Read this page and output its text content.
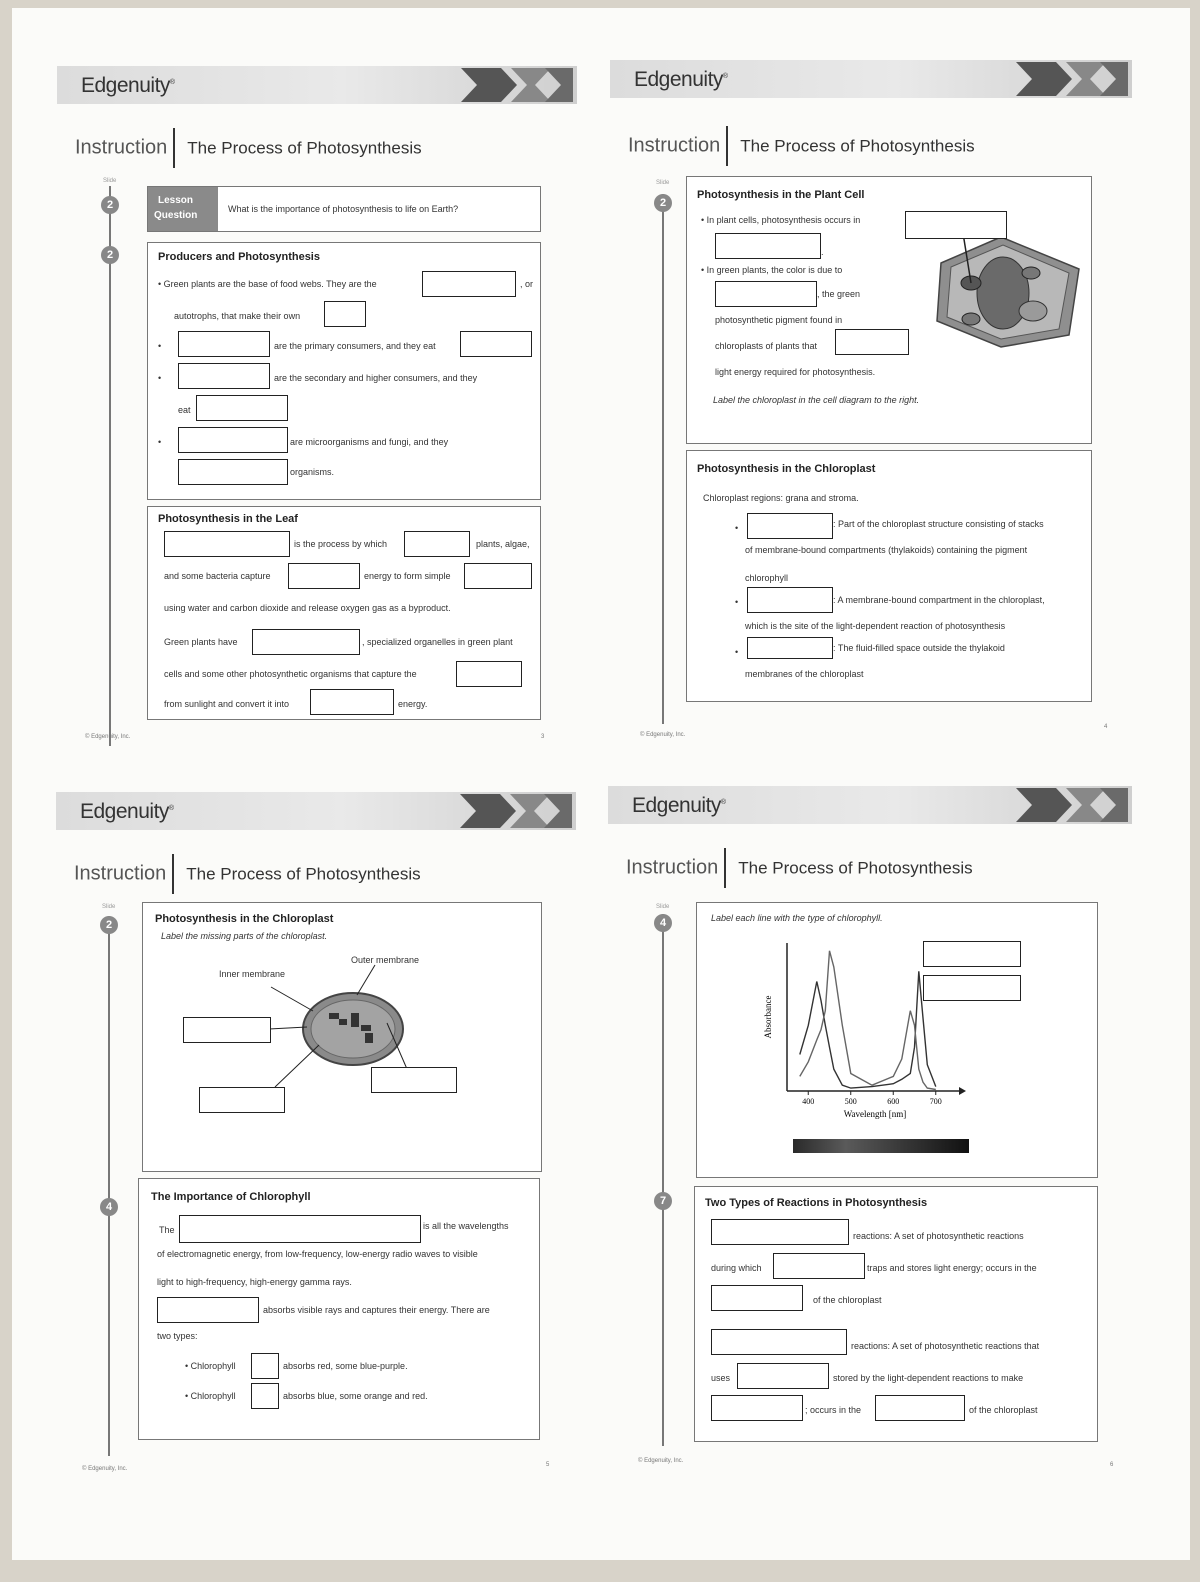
Edgenuity®
Instruction The Process of Photosynthesis
Slide
2
2
Lesson
Question
What is the importance of photosynthesis to life on Earth?
Producers and Photosynthesis
• Green plants are the base of food webs. They are the	, or
autotrophs, that make their own
•	are the primary consumers, and they eat
•	are the secondary and higher consumers, and they
eat
•	are microorganisms and fungi, and they
organisms.
Photosynthesis in the Leaf
is the process by which	plants, algae,
and some bacteria capture	energy to form simple
using water and carbon dioxide and release oxygen gas as a byproduct.
Green plants have	, specialized organelles in green plant
cells and some other photosynthetic organisms that capture the
from sunlight and convert it into	energy.
© Edgenuity, Inc.	3
Edgenuity®
Instruction The Process of Photosynthesis
Slide
2
Photosynthesis in the Plant Cell
• In plant cells, photosynthesis occurs in
.
• In green plants, the color is due to
, the green
photosynthetic pigment found in
chloroplasts of plants that
light energy required for photosynthesis.
Label the chloroplast in the cell diagram to the right.
Photosynthesis in the Chloroplast
Chloroplast regions: grana and stroma.
•	: Part of the chloroplast structure consisting of stacks
of membrane-bound compartments (thylakoids) containing the pigment
chlorophyll
•	: A membrane-bound compartment in the chloroplast,
which is the site of the light-dependent reaction of photosynthesis
•	: The fluid-filled space outside the thylakoid
membranes of the chloroplast
© Edgenuity, Inc.
4
Edgenuity®
Instruction The Process of Photosynthesis
Slide
2
4
Photosynthesis in the Chloroplast
Label the missing parts of the chloroplast.
Outer membrane
Inner membrane
The Importance of Chlorophyll
The	is all the wavelengths
of electromagnetic energy, from low-frequency, low-energy radio waves to visible
light to high-frequency, high-energy gamma rays.
absorbs visible rays and captures their energy. There are
two types:
• Chlorophyll	absorbs red, some blue-purple.
• Chlorophyll	absorbs blue, some orange and red.
© Edgenuity, Inc.
5
Edgenuity®
Instruction The Process of Photosynthesis
Slide
4
7
Label each line with the type of chlorophyll.
Absorbance
Wavelength [nm]
400	500	600	700
Two Types of Reactions in Photosynthesis
reactions: A set of photosynthetic reactions
during which	traps and stores light energy; occurs in the
of the chloroplast
reactions: A set of photosynthetic reactions that
uses	stored by the light-dependent reactions to make
; occurs in the	of the chloroplast
© Edgenuity, Inc.
6
